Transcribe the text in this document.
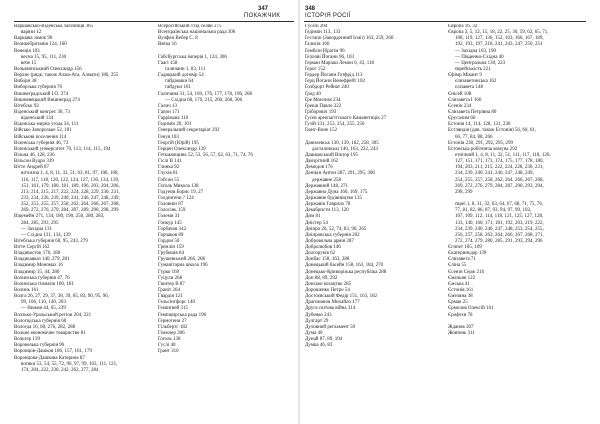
347
ПОКАЖЧИК
348
ІСТОРІЯ РОСІЇ
Варшавсько-Віденська залізниця 365
варязи 12
Варшава замок 90
Великобританія 124, 160
Венеція 103
весна 15, 95, 111, 230
вече 15
Вельямінськиий Олександр 156
Верхнє (рядк. також Алма-Ата, Алмати) 186, 255
Вибори 38
Виборзька губернія 76
Вишнеградський І.О. 274
Вишневецький Вишнеґрад 274
Вітебськ 92
Віденський конгрес 30, 73
віденський 134
Віденська мирна угода 34, 111
Військо Запорозьке 52, 101
Військові поселення 114
Віленська губернія 46, 73
Віленський університет 70, 113, 114, 115, 194
Вільна 46, 128, 236
Вільсон Вудро 339
Вітте Андрей 87
вітчизна 1, 4, 8, 11, 32, 51, 63, 81, 97, 108, 108,
116, 117, 118, 120, 122, 124, 127, 130, 134, 139,
151, 161, 179, 180, 181, 189, 196, 203, 204, 206,
213, 214, 215, 217, 222, 224, 228, 229, 230, 231,
233, 234, 236, 239, 240, 241, 246, 247, 248, 249,
252, 253, 255, 257, 258, 262, 264, 266, 267, 268,
269, 272, 276, 279, 284, 287, 289, 290, 298, 299
Віцемейн 271, 134, 180, 190, 250, 280, 283,
284, 285, 293, 295
— Західна 131
— Східна 131, 134, 139
Вітебська губернія 60, 95, 243, 279
Вітте Сергій 162
Владивосток 176, 180
Владикавказ 140, 279, 281
Владимир Мономах 16
Владимир 15, 44, 280
Волинська губернія 47, 76
Волинська гімназія 100, 181
Волинь 161
Волга 26, 27, 29, 37, 38, 39, 65, 83, 90, 95, 96,
99, 106, 110, 140, 203
— Нижня 44, 65, 239
Волзько-Уральський регіон 204, 221
Вологодська губернія 60
Вологда 16, 60, 276, 282, 288
Вольне економічне товариство 81
Вольтер 139
Воронезька губернія 96
Воронцов-Дашков 186, 157, 161, 179
Воронцова-Дашкова Катерина 87
вотяки 53, 54, 55, 72, 96, 97, 99, 103, 111, 121,
174, 204, 222, 230, 242, 262, 277, 284
Всеросійський з'їзд селян 275
Всеукраїнська національна рада 306
Вулфен Вебер С. 8
Вятка 16
Габсбургська імперія 1, 124, 306
Гаагі 158
галичани 1, 83, 111
Гадяцький договір 54
гайдамаки 64
гайдуки 161
Галичина 31, 54, 169, 176, 177, 178, 196, 268
— Східна 68, 176, 215, 260, 268, 306
Галич 13
Гапон 171
Гаррімана 110
Гедимін 20, 101
Генеральний секретаріат 292
Генуя 103
Георгій (Юрій) 195
Герцен Олександр 139
Гетьманщина 52, 53, 56, 57, 62, 63, 71, 74, 76
Гіслі В 141
Глинка 92
Глухів 81
Гобсон 55
Гоголь Микола 138
Годунов Борис 19, 27
Голдінгени ? 124
Головнін 87
Голосінь 159
Големи 31
Гонкур 145
Горбачов 342
Горчаков 89
Гордон 50
Гремлін 159
Грубешів 84
Грушевський 266, 268
Гуманітарна школа 196
Гурко 169
Гуцули 268
Гюнтер В 87
Ґраніт 264
Гвардія 121
Гельсінгфорс 140
Гемінгвей 315
Гемпширська рада 196
Гермогени 27
Гільбертс 182
Гіммлер 306
Ґоґоль 138
Гуслі 40
Ґрант 310
Гуселі 204
Ґедимін 113, 133
Ґестапо (Закордонний Ісміі) 163, 259, 260
Ґалисія 166
Ґемблін Ібрагім 96
Ґеллові Йоганн 96, 103
Ґерман Маріаш Лемон 6, 43, 118
Ґерог 152
Ґердер Йоганн Ґотфрід 113
Ґерц Йоганн Венефрейт 102
Ґолбдорт Рейнат 240
Ґрод 40
Ґре Монзеля 234
Ґреків Павло 322
Ґріборовіч 193
Ґусев ареопагітського Каманетицік 27
Ґузій 131, 253, 254, 255, 256
Ґюнт-Воне 152
Данилевськ 130, 139, 162, 258, 305
дасталовські 140, 163, 222, 243
Дашковський Віктор 195
Двозрітний 162
Демидов 176
Денікін Антон 287, 291, 295, 306
державне 258
Державний 148, 271
Державна Дума 166, 169, 175
Державне будівництво 135
Державін Гаврило 78
Декабристи 113, 120
Дим 81
Дністер 54
Дніпро 26, 52, 74, 83, 96, 265
Дніпровська губернія 202
Добровольча армія 287
Добролюбов 146
Долгоруків 62
Донбас 158, 163, 288
Донецький басейн 158, 163, 184, 270
Донецько-Криворізька республіка 288
Дон 88, 89, 292
Донське козацтво 285
Дорошенко Петро 54
Достоєвський Федір 151, 163, 182
Драгоманов Михайло 177
Друга світова війна 314
Дубенко 243
Дулгарт 29
Духовний регламент 59
Дума 40
Дунай 87, 89, 104
Думка 46, 83
Європа 16, 32
Європа 3, 5, 12, 15, 18, 22, 25, 30, 59, 62, 65, 71,
108, 119, 127, 136, 152, 163, 166, 167, 189,
192, 193, 197, 218, 241, 243, 247, 250, 251
— Західна 163, 190
— Південно-Східна 40
— Центральна 130, 223
єврейськість 221
Єфімр Мікант 9
єлизаветинська 162
єлізавета 148
Єнісей 108
Єлизавета І 166
Єсенін 234
Єлизавета Петрівна 80
Єрусалим 66
Естонія 14, 114, 128, 131, 236
Естляндія (див. також Естонія) 56, 60, 61,
66, 77, 84, 88, 266
Естонія 238, 291, 292, 295, 299
Естонська робітнича комуна 292
етнічний 1, 4, 8, 11, 32, 51, 111, 117, 118, 120,
127, 151, 171, 173, 174, 175, 177, 178, 180,
194, 203, 211, 215, 222, 224, 228, 230, 231,
234, 239, 240, 241, 246, 247, 248, 249,
254, 255, 257, 258, 262, 264, 266, 267, 268,
269, 272, 276, 279, 284, 287, 290, 293, 294,
298, 299
євреї 1, 8, 31, 32, 63, 64, 67, 68, 71, 75, 76,
77, 81, 82, 86, 87, 93, 94, 97, 99, 102,
107, 109, 112, 114, 118, 121, 125, 127, 128,
133, 140, 160, 171, 181, 192, 203, 219, 222,
234, 239, 240, 246, 247, 248, 253, 254, 255,
256, 257, 258, 263, 264, 266, 267, 268, 271,
272, 274, 279, 280, 285, 291, 293, 294, 296
Єгипет 105, 109
Єкатеринодар 139
Єлизавета 71
Єліна 55
Єсенін Серж 216
Ємельян 122
Ємська 41
Єстонія 161
Ємеляна 38
Єрмак 25
Єрмолов Олексій 161
Єрофєєв 78
Жданов 307
Жовтень 311
